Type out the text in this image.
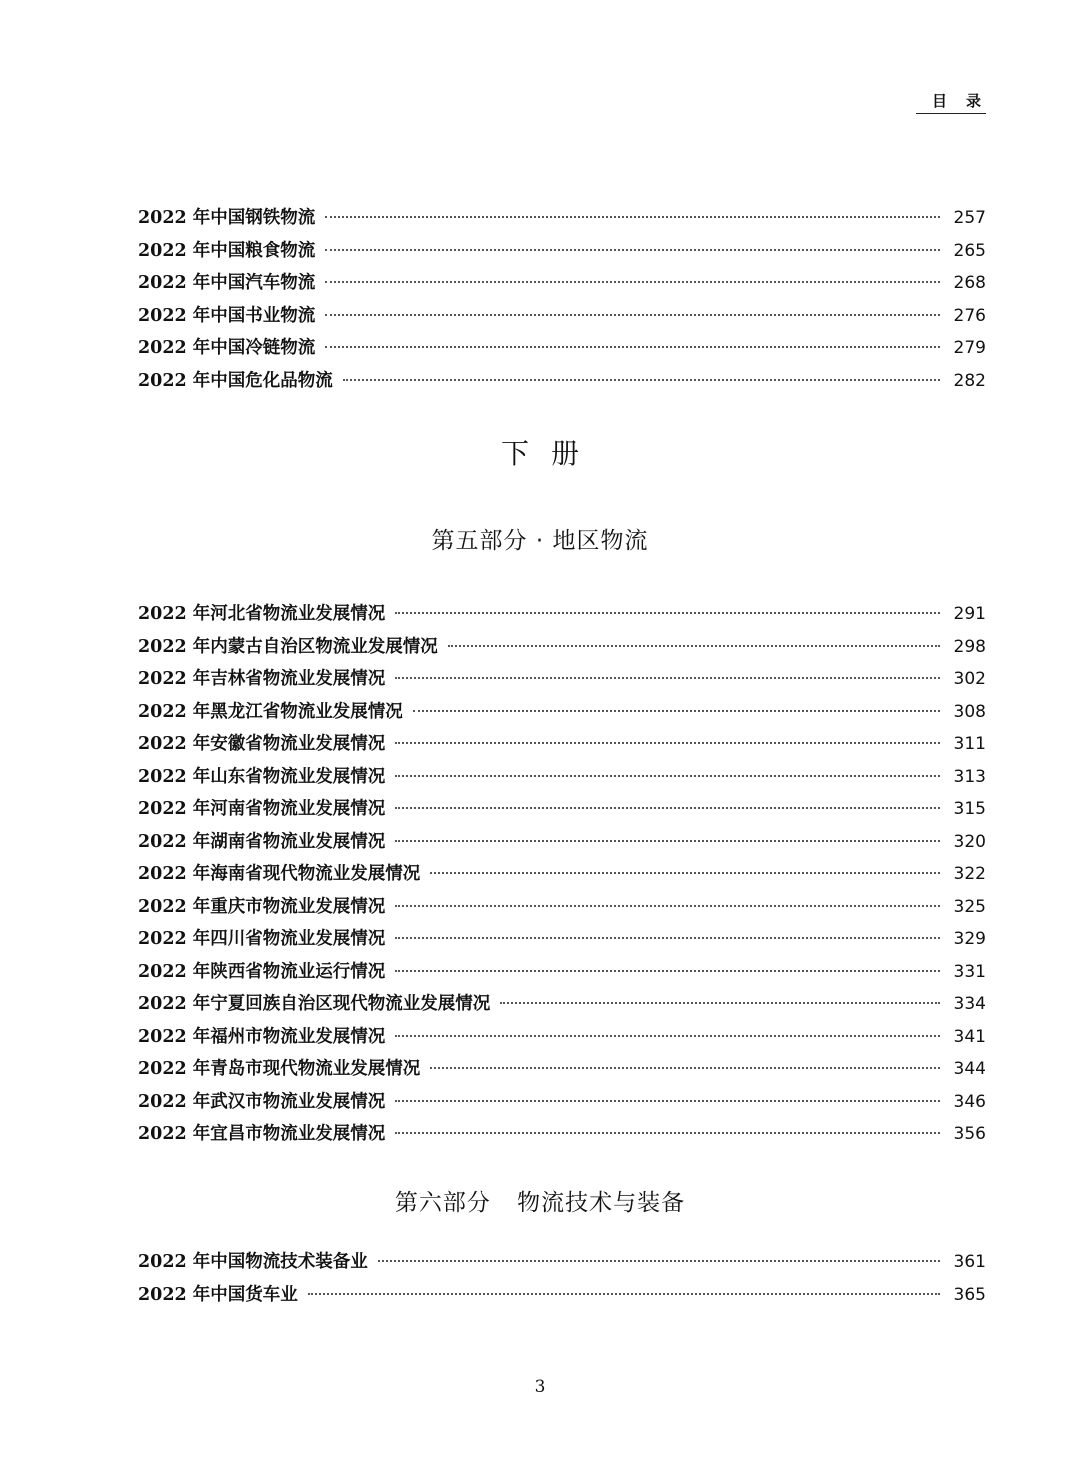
目 录
2022 年中国钢铁物流	257
2022 年中国粮食物流	265
2022 年中国汽车物流	268
2022 年中国书业物流	276
2022 年中国冷链物流	279
2022 年中国危化品物流	282
下册
第五部分 · 地区物流
2022 年河北省物流业发展情况	291
2022 年内蒙古自治区物流业发展情况	298
2022 年吉林省物流业发展情况	302
2022 年黑龙江省物流业发展情况	308
2022 年安徽省物流业发展情况	311
2022 年山东省物流业发展情况	313
2022 年河南省物流业发展情况	315
2022 年湖南省物流业发展情况	320
2022 年海南省现代物流业发展情况	322
2022 年重庆市物流业发展情况	325
2022 年四川省物流业发展情况	329
2022 年陕西省物流业运行情况	331
2022 年宁夏回族自治区现代物流业发展情况	334
2022 年福州市物流业发展情况	341
2022 年青岛市现代物流业发展情况	344
2022 年武汉市物流业发展情况	346
2022 年宜昌市物流业发展情况	356
第六部分 物流技术与装备
2022 年中国物流技术装备业	361
2022 年中国货车业	365
3
